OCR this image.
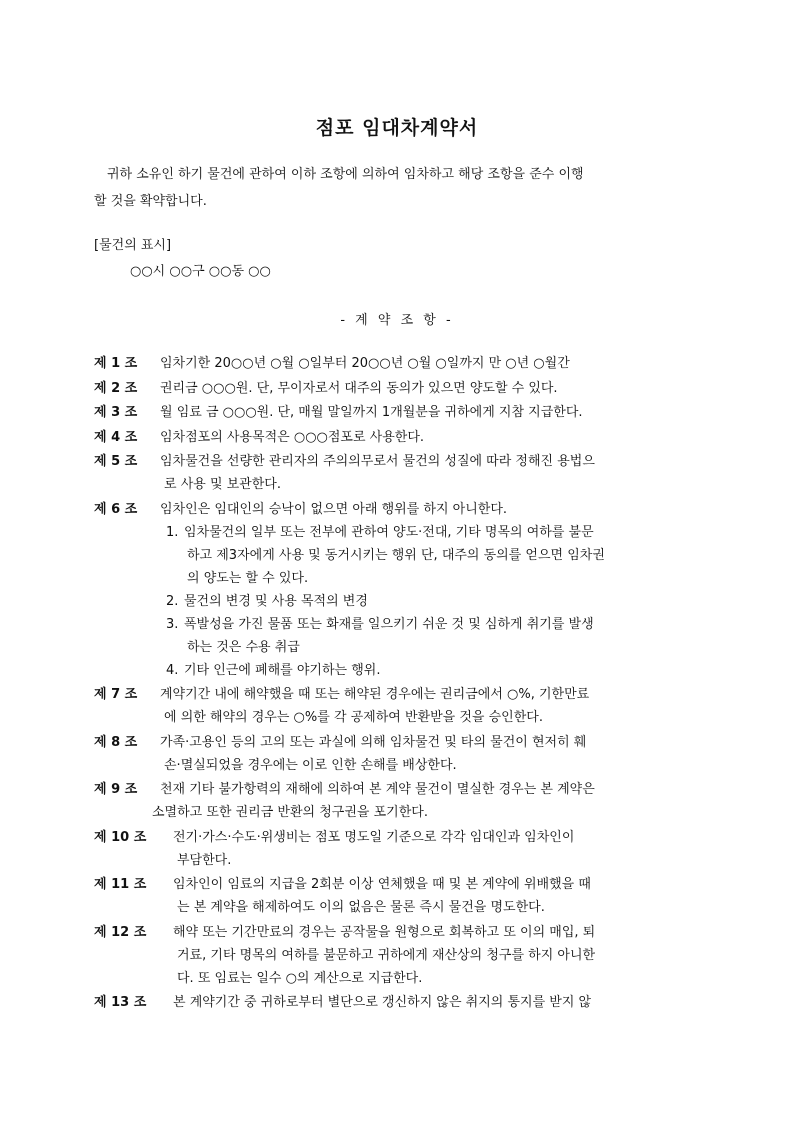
점포 임대차계약서
귀하 소유인 하기 물건에 관하여 이하 조항에 의하여 임차하고 해당 조항을 준수 이행
할 것을 확약합니다.
[물건의 표시]
○○시 ○○구 ○○동 ○○
- 계 약 조 항 -
제 1 조	임차기한 20○○년 ○월 ○일부터 20○○년 ○월 ○일까지 만 ○년 ○월간
제 2 조	권리금 ○○○원. 단, 무이자로서 대주의 동의가 있으면 양도할 수 있다.
제 3 조	월 임료 금 ○○○원. 단, 매월 말일까지 1개월분을 귀하에게 지참 지급한다.
제 4 조	임차점포의 사용목적은 ○○○점포로 사용한다.
제 5 조	임차물건을 선량한 관리자의 주의의무로서 물건의 성질에 따라 정해진 용법으
로 사용 및 보관한다.
제 6 조	임차인은 임대인의 승낙이 없으면 아래 행위를 하지 아니한다.
1. 임차물건의 일부 또는 전부에 관하여 양도·전대, 기타 명목의 여하를 불문
하고 제3자에게 사용 및 동거시키는 행위 단, 대주의 동의를 얻으면 임차권
의 양도는 할 수 있다.
2. 물건의 변경 및 사용 목적의 변경
3. 폭발성을 가진 물품 또는 화재를 일으키기 쉬운 것 및 심하게 취기를 발생
하는 것은 수용 취급
4. 기타 인근에 폐해를 야기하는 행위.
제 7 조	계약기간 내에 해약했을 때 또는 해약된 경우에는 권리금에서 ○%, 기한만료
에 의한 해약의 경우는 ○%를 각 공제하여 반환받을 것을 승인한다.
제 8 조	가족·고용인 등의 고의 또는 과실에 의해 임차물건 및 타의 물건이 현저히 훼
손·멸실되었을 경우에는 이로 인한 손해를 배상한다.
제 9 조	천재 기타 불가항력의 재해에 의하여 본 계약 물건이 멸실한 경우는 본 계약은
소멸하고 또한 권리금 반환의 청구권을 포기한다.
제 10 조	전기·가스·수도·위생비는 점포 명도일 기준으로 각각 임대인과 임차인이
부담한다.
제 11 조	임차인이 임료의 지급을 2회분 이상 연체했을 때 및 본 계약에 위배했을 때
는 본 계약을 해제하여도 이의 없음은 물론 즉시 물건을 명도한다.
제 12 조	해약 또는 기간만료의 경우는 공작물을 원형으로 회복하고 또 이의 매입, 퇴
거료, 기타 명목의 여하를 불문하고 귀하에게 재산상의 청구를 하지 아니한
다. 또 임료는 일수 ○의 계산으로 지급한다.
제 13 조	본 계약기간 중 귀하로부터 별단으로 갱신하지 않은 취지의 통지를 받지 않
